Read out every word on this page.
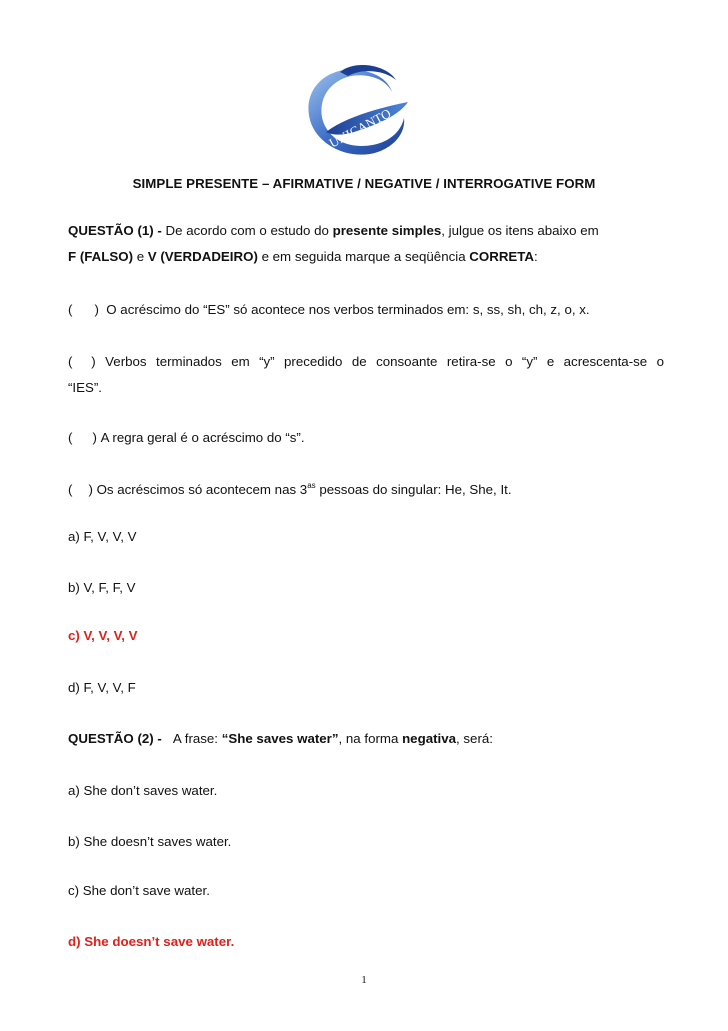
UNICANTO
SIMPLE PRESENTE – AFIRMATIVE / NEGATIVE / INTERROGATIVE FORM
QUESTÃO (1) - De acordo com o estudo do presente simples, julgue os itens abaixo em
F (FALSO) e V (VERDADEIRO) e em seguida marque a seqüência CORRETA:
( ) O acréscimo do “ES” só acontece nos verbos terminados em: s, ss, sh, ch, z, o, x.
( ) Verbos terminados em “y” precedido de consoante retira-se o “y” e acrescenta-se o
“IES”.
( ) A regra geral é o acréscimo do “s”.
( ) Os acréscimos só acontecem nas $3^{as}$ pessoas do singular: He, She, It.
a) F, V, V, V
b) V, F, F, V
c) V, V, V, V
d) F, V, V, F
QUESTÃO (2) - A frase: “She saves water”, na forma negativa, será:
a) She don’t saves water.
b) She doesn’t saves water.
c) She don’t save water.
d) She doesn’t save water.
1
